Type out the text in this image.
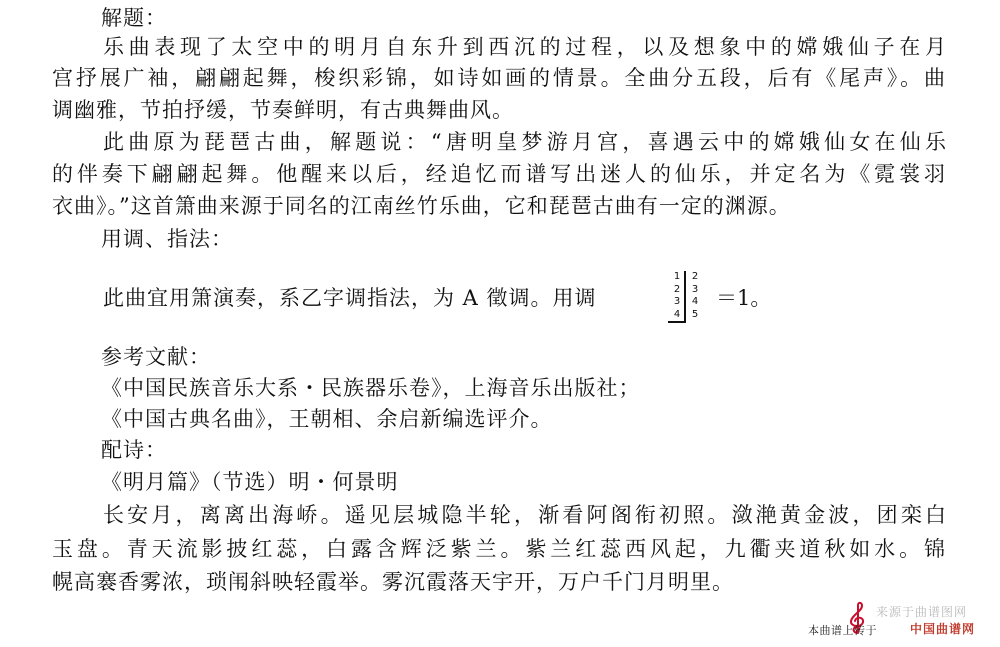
解题：
乐曲表现了太空中的明月自东升到西沉的过程，以及想象中的嫦娥仙子在月
宫抒展广袖，翩翩起舞，梭织彩锦，如诗如画的情景。全曲分五段，后有《尾声》。曲
调幽雅，节拍抒缓，节奏鲜明，有古典舞曲风。
此曲原为琵琶古曲，解题说：“唐明皇梦游月宫，喜遇云中的嫦娥仙女在仙乐
的伴奏下翩翩起舞。他醒来以后，经追忆而谱写出迷人的仙乐，并定名为《霓裳羽
衣曲》。”这首箫曲来源于同名的江南丝竹乐曲，它和琵琶古曲有一定的渊源。
用调、指法：
此曲宜用箫演奏，系乙字调指法，为 A 徵调。用调
1
2
3
4
2
3
4
5
＝1。
参考文献：
《中国民族音乐大系・民族器乐卷》，上海音乐出版社；
《中国古典名曲》，王朝相、余启新编选评介。
配诗：
《明月篇》（节选）明・何景明
长安月，离离出海峤。遥见层城隐半轮，渐看阿阁衔初照。潋滟黄金波，团栾白
玉盘。青天流影披红蕊，白露含辉泛紫兰。紫兰红蕊西风起，九衢夹道秋如水。锦
幌高褰香雾浓，琐闱斜映轻霞举。雾沉霞落天宇开，万户千门月明里。
来源于曲谱图网
本曲谱上传于	中国曲谱网
